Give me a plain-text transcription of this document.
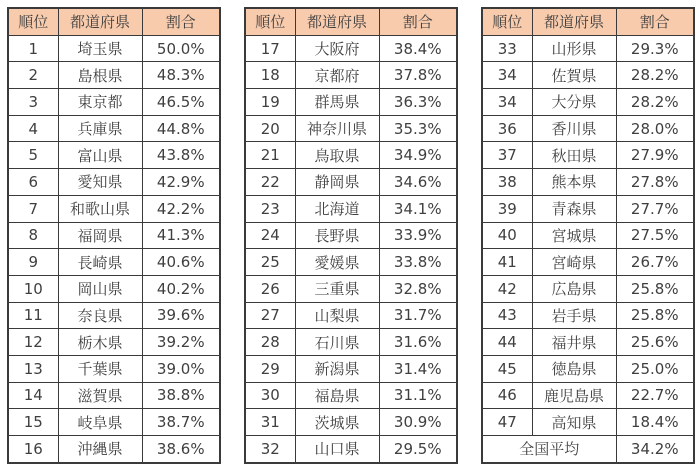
順位	都道府県	割合
1	埼玉県	50.0%
2	島根県	48.3%
3	東京都	46.5%
4	兵庫県	44.8%
5	富山県	43.8%
6	愛知県	42.9%
7	和歌山県	42.2%
8	福岡県	41.3%
9	長崎県	40.6%
10	岡山県	40.2%
11	奈良県	39.6%
12	栃木県	39.2%
13	千葉県	39.0%
14	滋賀県	38.8%
15	岐阜県	38.7%
16	沖縄県	38.6%
順位	都道府県	割合
17	大阪府	38.4%
18	京都府	37.8%
19	群馬県	36.3%
20	神奈川県	35.3%
21	鳥取県	34.9%
22	静岡県	34.6%
23	北海道	34.1%
24	長野県	33.9%
25	愛媛県	33.8%
26	三重県	32.8%
27	山梨県	31.7%
28	石川県	31.6%
29	新潟県	31.4%
30	福島県	31.1%
31	茨城県	30.9%
32	山口県	29.5%
順位	都道府県	割合
33	山形県	29.3%
34	佐賀県	28.2%
34	大分県	28.2%
36	香川県	28.0%
37	秋田県	27.9%
38	熊本県	27.8%
39	青森県	27.7%
40	宮城県	27.5%
41	宮崎県	26.7%
42	広島県	25.8%
43	岩手県	25.8%
44	福井県	25.6%
45	徳島県	25.0%
46	鹿児島県	22.7%
47	高知県	18.4%
全国平均		34.2%
